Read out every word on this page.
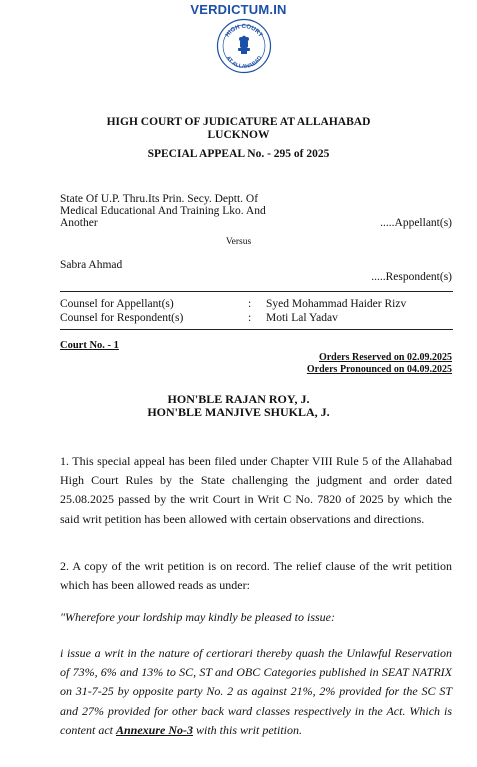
VERDICTUM.IN
HIGH COURT
AT ALLAHABAD
HIGH COURT OF JUDICATURE AT ALLAHABAD
LUCKNOW
SPECIAL APPEAL No. - 295 of 2025
State Of U.P. Thru.Its Prin. Secy. Deptt. Of
Medical Educational And Training Lko. And
Another	.....Appellant(s)
Versus
Sabra Ahmad
.....Respondent(s)
Counsel for Appellant(s)	: Syed Mohammad Haider Rizv
Counsel for Respondent(s)	: Moti Lal Yadav
Court No. - 1
Orders Reserved on 02.09.2025
Orders Pronounced on 04.09.2025
HON'BLE RAJAN ROY, J.
HON'BLE MANJIVE SHUKLA, J.
1. This special appeal has been filed under Chapter VIII Rule 5 of the Allahabad High Court Rules by the State challenging the judgment and order dated 25.08.2025 passed by the writ Court in Writ C No. 7820 of 2025 by which the said writ petition has been allowed with certain observations and directions.
2. A copy of the writ petition is on record. The relief clause of the writ petition which has been allowed reads as under:
"Wherefore your lordship may kindly be pleased to issue:
i issue a writ in the nature of certiorari thereby quash the Unlawful Reservation of 73%, 6% and 13% to SC, ST and OBC Categories published in SEAT NATRIX on 31-7-25 by opposite party No. 2 as against 21%, 2% provided for the SC ST and 27% provided for other back ward classes respectively in the Act. Which is content act Annexure No-3 with this writ petition.
